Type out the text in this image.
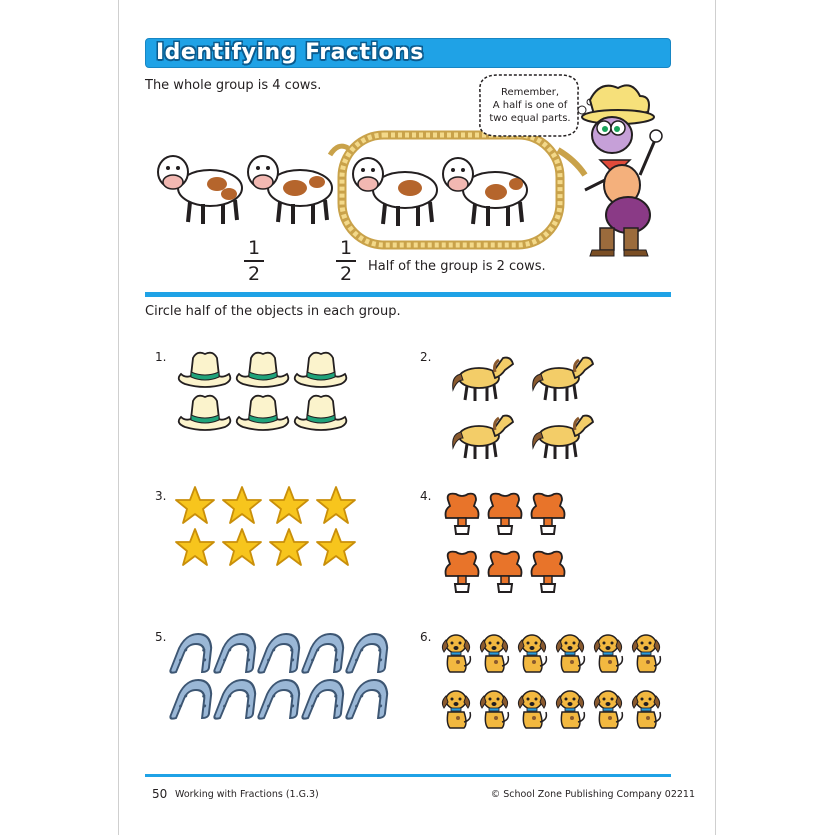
Identifying Fractions
The whole group is 4 cows.	Remember,
A half is one of
two equal parts.
1
2
1
2	Half of the group is 2 cows.
Circle half of the objects in each group.
1.	2.
3.	4.
5.	6.
50 Working with Fractions (1.G.3)	© School Zone Publishing Company 02211
